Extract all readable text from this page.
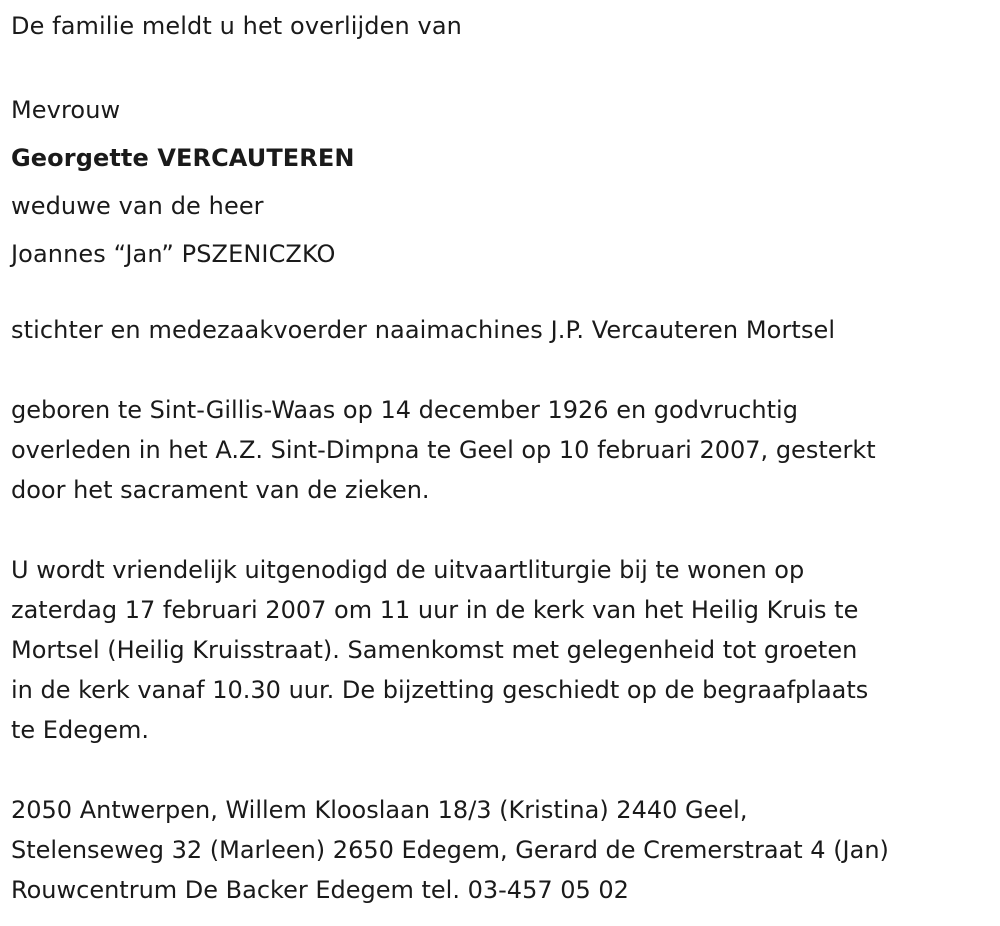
De familie meldt u het overlijden van

Mevrouw

Georgette VERCAUTEREN

weduwe van de heer

Joannes “Jan” PSZENICZKO

stichter en medezaakvoerder naaimachines J.P. Vercauteren Mortsel

geboren te Sint-Gillis-Waas op 14 december 1926 en godvruchtig

overleden in het A.Z. Sint-Dimpna te Geel op 10 februari 2007, gesterkt

door het sacrament van de zieken.

U wordt vriendelijk uitgenodigd de uitvaartliturgie bij te wonen op

zaterdag 17 februari 2007 om 11 uur in de kerk van het Heilig Kruis te

Mortsel (Heilig Kruisstraat). Samenkomst met gelegenheid tot groeten

in de kerk vanaf 10.30 uur. De bijzetting geschiedt op de begraafplaats

te Edegem.

2050 Antwerpen, Willem Klooslaan 18/3 (Kristina) 2440 Geel,

Stelenseweg 32 (Marleen) 2650 Edegem, Gerard de Cremerstraat 4 (Jan)

Rouwcentrum De Backer Edegem tel. 03-457 05 02
